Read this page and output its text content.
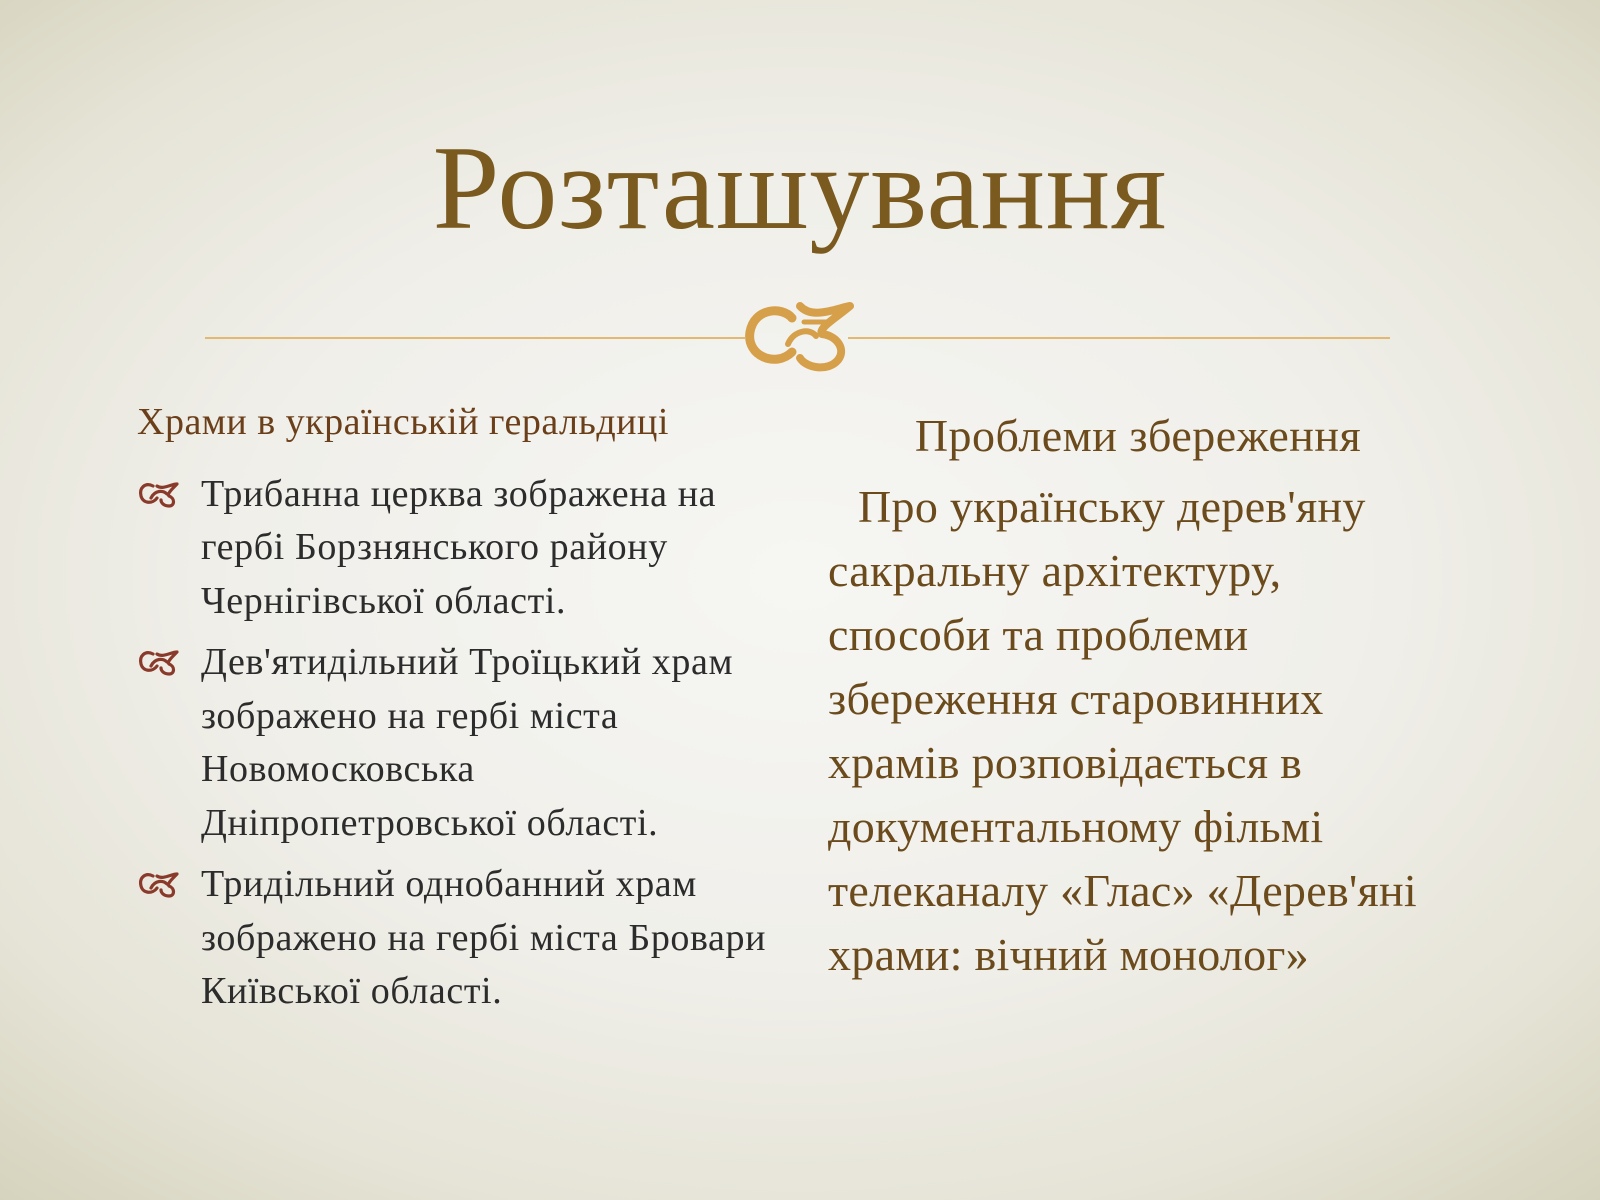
Розташування
Храми в українській геральдиці
Трибанна церква зображена на гербі Борзнянського району Чернігівської області.
Дев'ятидільний Троїцький храм зображено на гербі міста Новомосковська Дніпропетровської області.
Тридільний однобанний храм зображено на гербі міста Бровари Київської області.
Проблеми збереження

Про українську дерев'яну сакральну архітектуру, способи та проблеми збереження старовинних храмів розповідається в документальному фільмі телеканалу «Глас» «Дерев'яні храми: вічний монолог»
